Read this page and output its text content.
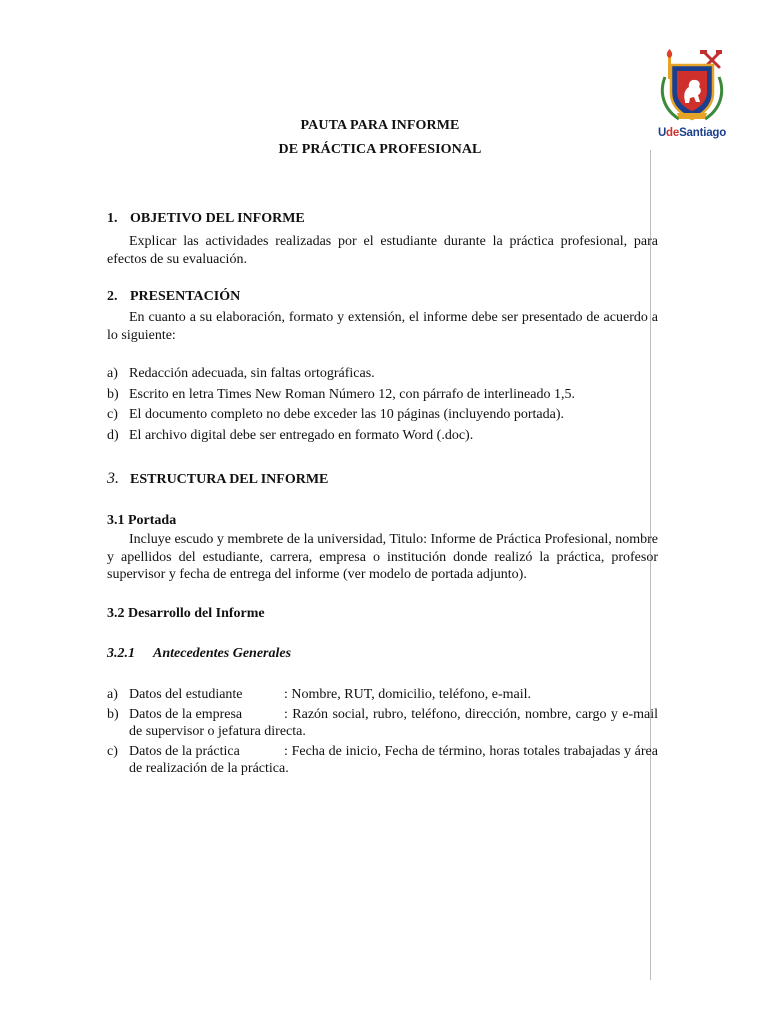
UdeSantiago
PAUTA PARA INFORME
DE PRÁCTICA PROFESIONAL
1. OBJETIVO DEL INFORME

Explicar las actividades realizadas por el estudiante durante la práctica profesional, para efectos de su evaluación.

2. PRESENTACIÓN

En cuanto a su elaboración, formato y extensión, el informe debe ser presentado de acuerdo a lo siguiente:

a) Redacción adecuada, sin faltas ortográficas.
b) Escrito en letra Times New Roman Número 12, con párrafo de interlineado 1,5.
c) El documento completo no debe exceder las 10 páginas (incluyendo portada).
d) El archivo digital debe ser entregado en formato Word (.doc).
3. ESTRUCTURA DEL INFORME
3.1 Portada

Incluye escudo y membrete de la universidad, Titulo: Informe de Práctica Profesional, nombre y apellidos del estudiante, carrera, empresa o institución donde realizó la práctica, profesor supervisor y fecha de entrega del informe (ver modelo de portada adjunto).

3.2 Desarrollo del Informe
3.2.1 Antecedentes Generales
a) Datos del estudiante	: Nombre, RUT, domicilio, teléfono, e-mail.
b) Datos de la empresa	: Razón social, rubro, teléfono, dirección, nombre, cargo y e-mail de supervisor o jefatura directa.
c) Datos de la práctica	: Fecha de inicio, Fecha de término, horas totales trabajadas y área de realización de la práctica.
